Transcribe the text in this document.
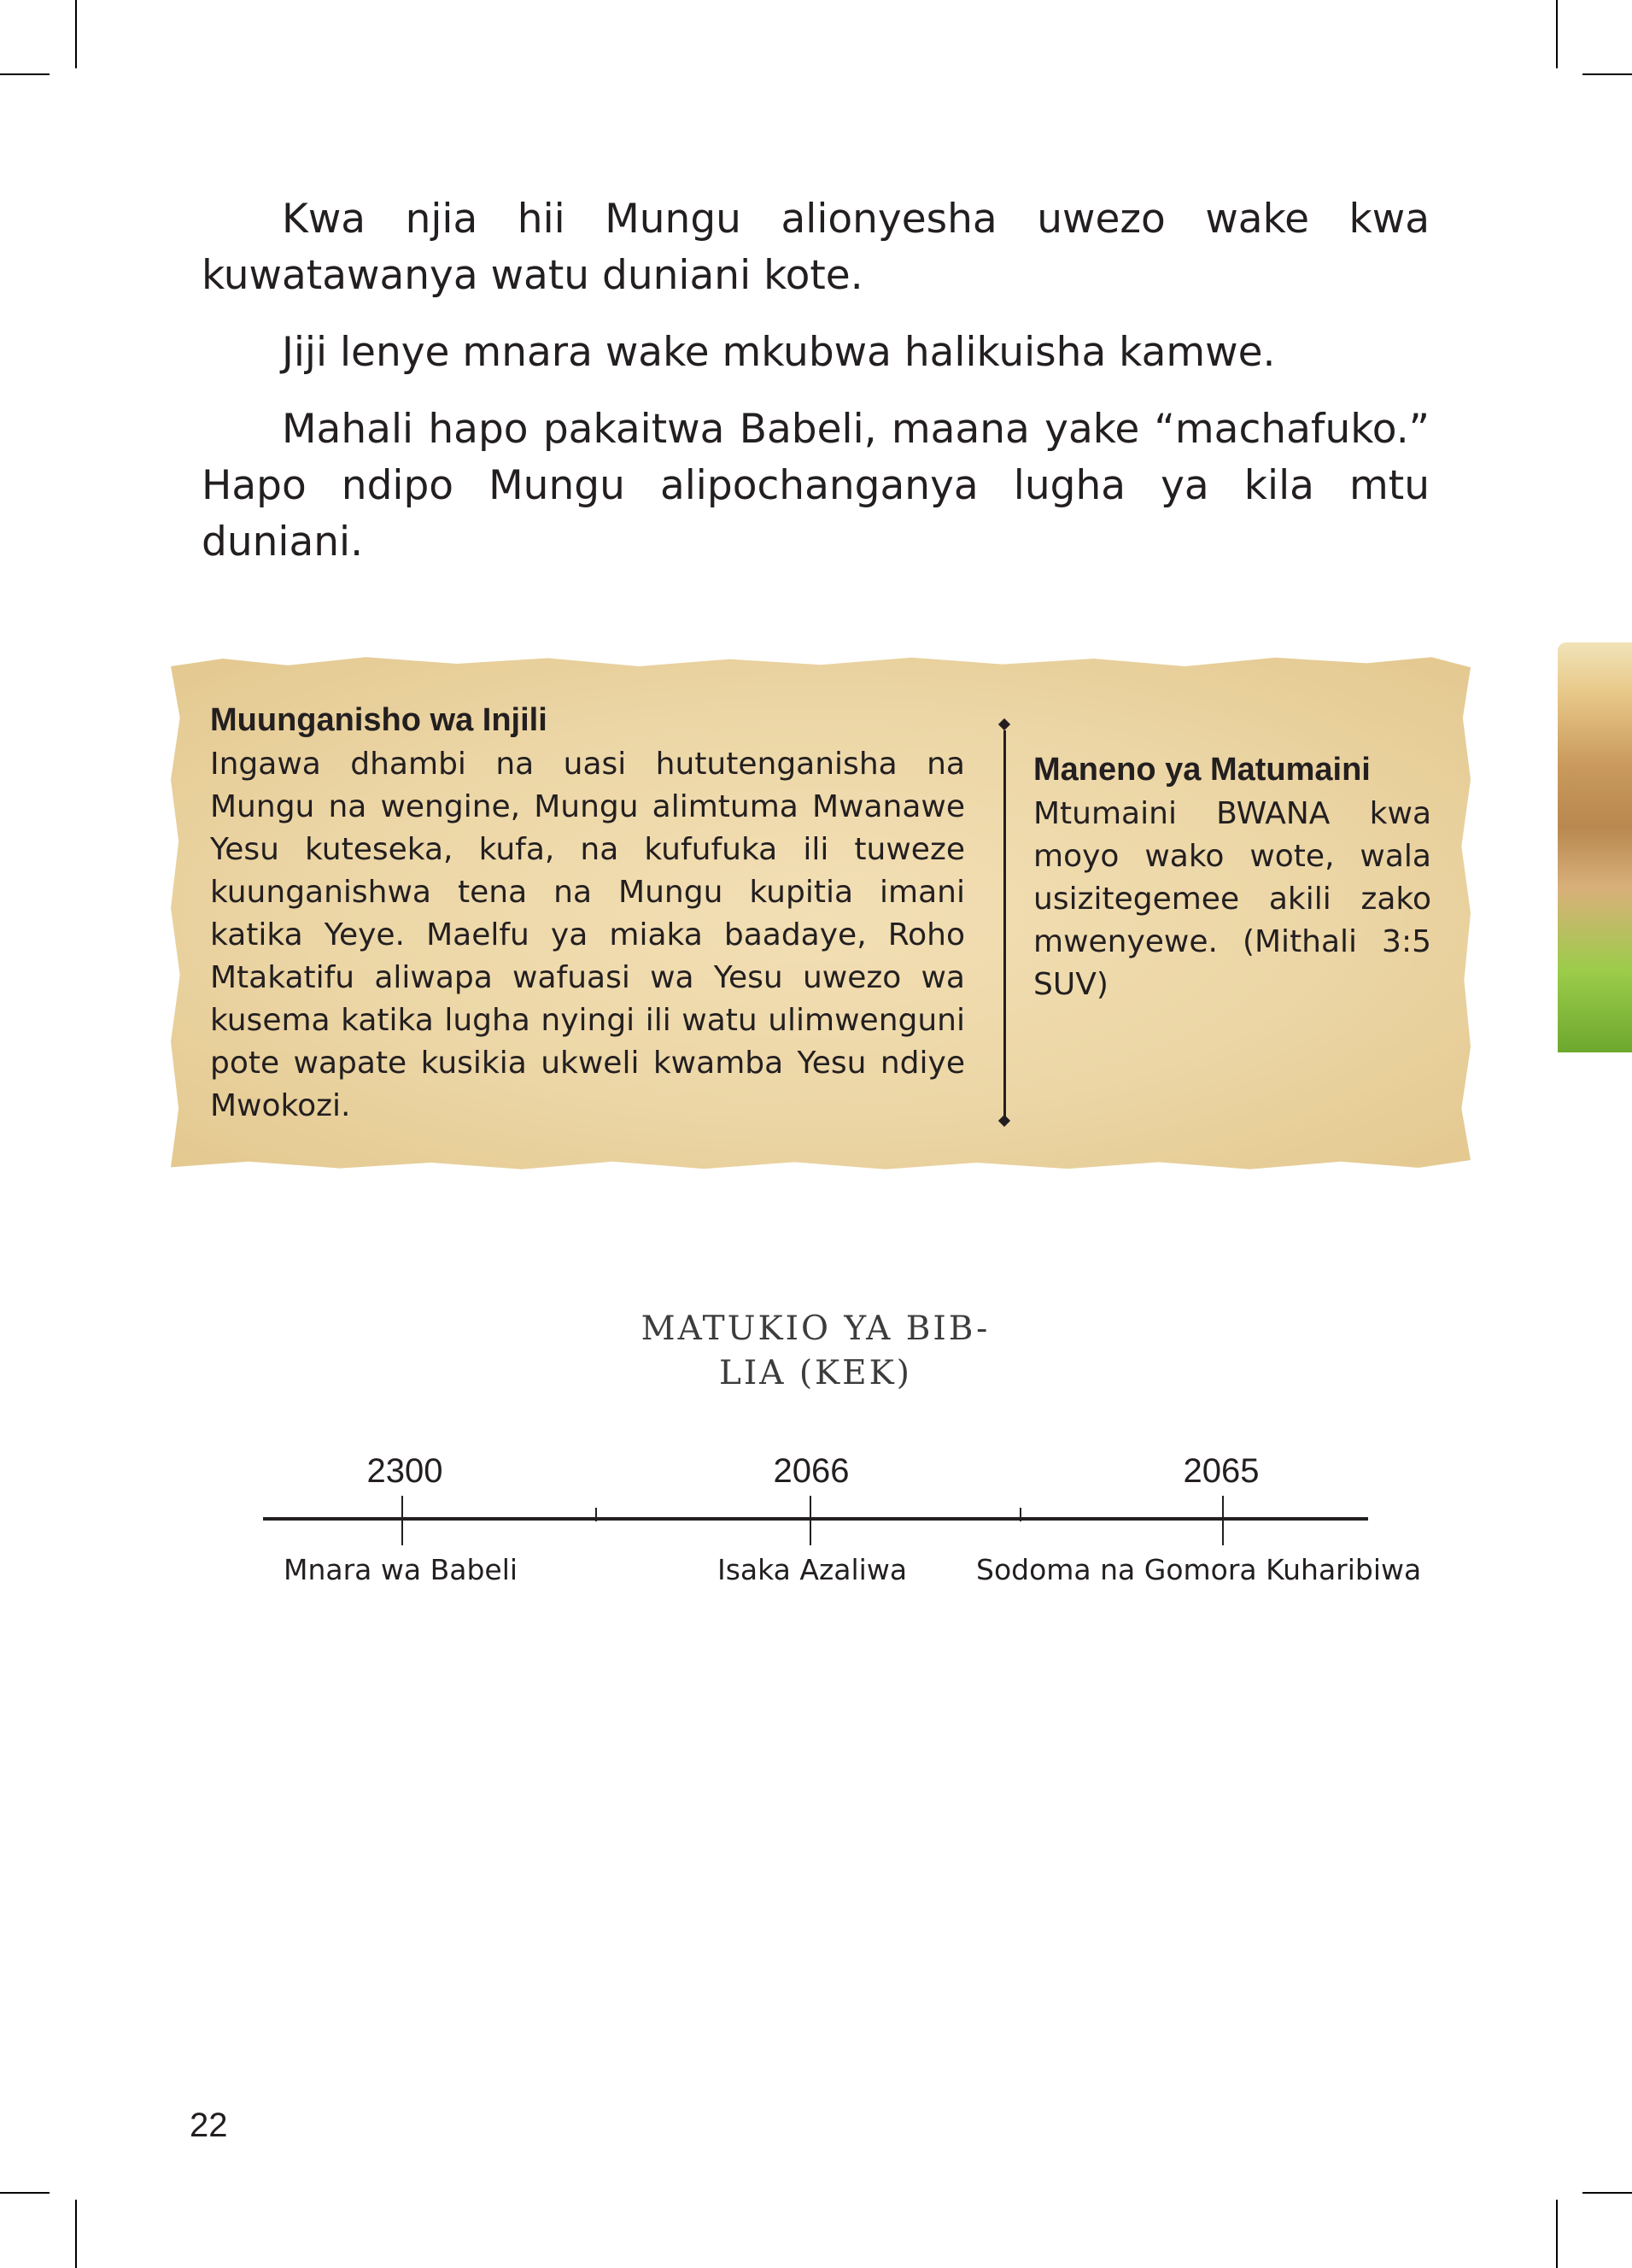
Kwa njia hii Mungu alionyesha uwezo wake kwa kuwatawanya watu duniani kote.

Jiji lenye mnara wake mkubwa halikuisha kamwe.

Mahali hapo pakaitwa Babeli, maana yake “machafuko.” Hapo ndipo Mungu alipochanganya lugha ya kila mtu duniani.

Muunganisho wa Injili

Ingawa dhambi na uasi hututenganisha na Mungu na wengine, Mungu alimtuma Mwanawe Yesu kuteseka, kufa, na kufufuka ili tuweze kuunganishwa tena na Mungu kupitia imani katika Yeye. Maelfu ya miaka baadaye, Roho Mtakatifu aliwapa wafuasi wa Yesu uwezo wa kusema katika lugha nyingi ili watu ulimwenguni pote wapate kusikia ukweli kwamba Yesu ndiye Mwokozi.

Maneno ya Matumaini

Mtumaini BWANA kwa moyo wako wote, wala usizitegemee akili zako mwenyewe. (Mithali 3:5 SUV)

MATUKIO YA BIB-
LIA (KEK)
2300	2066	2065
Mnara wa Babeli	Isaka Azaliwa Sodoma na Gomora Kuharibiwa
22
